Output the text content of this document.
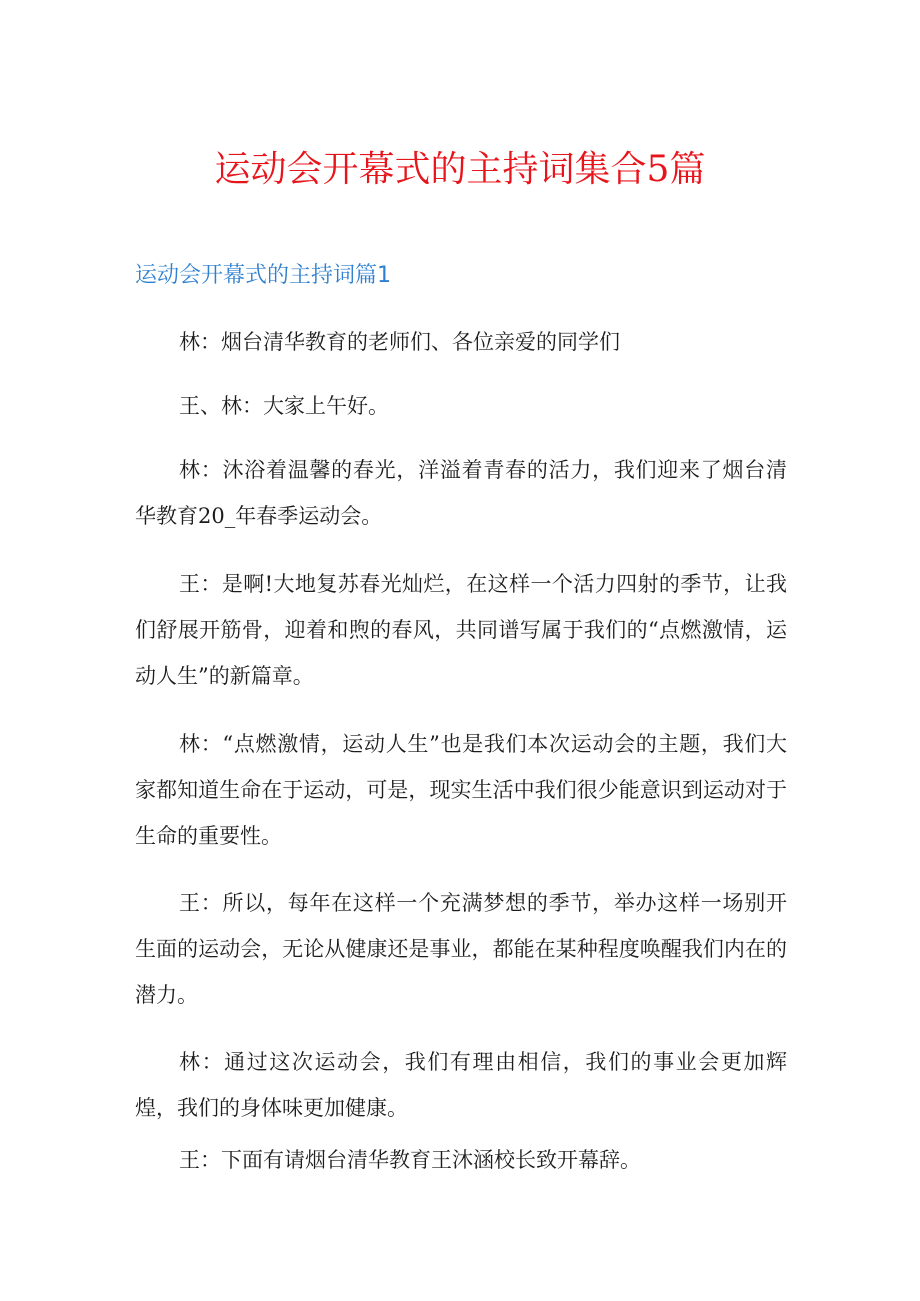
运动会开幕式的主持词集合5篇
运动会开幕式的主持词篇1

林：烟台清华教育的老师们、各位亲爱的同学们

王、林：大家上午好。

林：沐浴着温馨的春光，洋溢着青春的活力，我们迎来了烟台清华教育20_年春季运动会。

王：是啊!大地复苏春光灿烂，在这样一个活力四射的季节，让我们舒展开筋骨，迎着和煦的春风，共同谱写属于我们的“点燃激情，运动人生”的新篇章。

林：“点燃激情，运动人生”也是我们本次运动会的主题，我们大家都知道生命在于运动，可是，现实生活中我们很少能意识到运动对于生命的重要性。

王：所以，每年在这样一个充满梦想的季节，举办这样一场别开生面的运动会，无论从健康还是事业，都能在某种程度唤醒我们内在的潜力。

林：通过这次运动会，我们有理由相信，我们的事业会更加辉煌，我们的身体味更加健康。

王：下面有请烟台清华教育王沐涵校长致开幕辞。
